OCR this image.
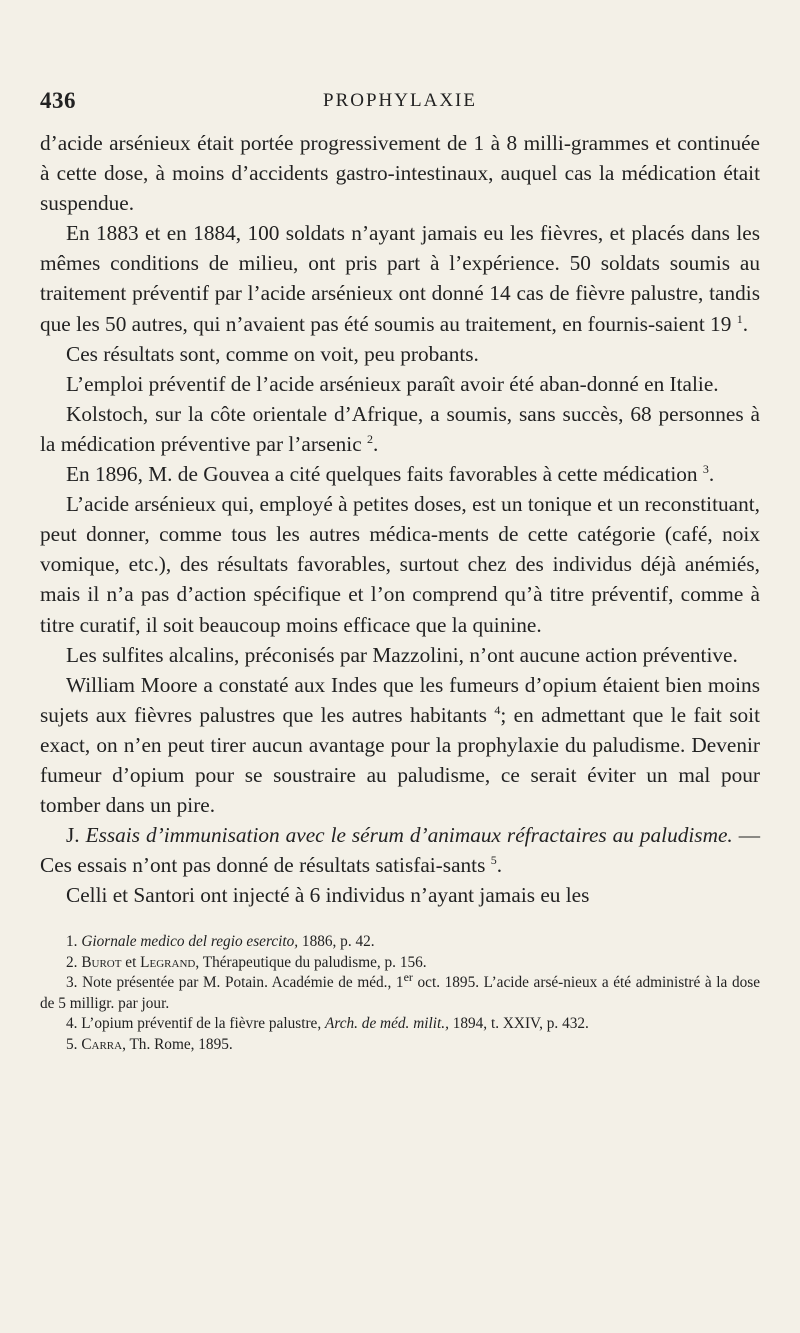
436	PROPHYLAXIE

d’acide arsénieux était portée progressivement de 1 à 8 milli-grammes et continuée à cette dose, à moins d’accidents gastro-intestinaux, auquel cas la médication était suspendue.

En 1883 et en 1884, 100 soldats n’ayant jamais eu les fièvres, et placés dans les mêmes conditions de milieu, ont pris part à l’expérience. 50 soldats soumis au traitement préventif par l’acide arsénieux ont donné 14 cas de fièvre palustre, tandis que les 50 autres, qui n’avaient pas été soumis au traitement, en fournis-saient 19 $^1$.

Ces résultats sont, comme on voit, peu probants.

L’emploi préventif de l’acide arsénieux paraît avoir été aban-donné en Italie.

Kolstoch, sur la côte orientale d’Afrique, a soumis, sans succès, 68 personnes à la médication préventive par l’arsenic $^2$.

En 1896, M. de Gouvea a cité quelques faits favorables à cette médication $^3$.

L’acide arsénieux qui, employé à petites doses, est un tonique et un reconstituant, peut donner, comme tous les autres médica-ments de cette catégorie (café, noix vomique, etc.), des résultats favorables, surtout chez des individus déjà anémiés, mais il n’a pas d’action spécifique et l’on comprend qu’à titre préventif, comme à titre curatif, il soit beaucoup moins efficace que la quinine.

Les sulfites alcalins, préconisés par Mazzolini, n’ont aucune action préventive.

William Moore a constaté aux Indes que les fumeurs d’opium étaient bien moins sujets aux fièvres palustres que les autres habitants $^4$; en admettant que le fait soit exact, on n’en peut tirer aucun avantage pour la prophylaxie du paludisme. Devenir fumeur d’opium pour se soustraire au paludisme, ce serait éviter un mal pour tomber dans un pire.

J. Essais d’immunisation avec le sérum d’animaux réfractaires au paludisme. — Ces essais n’ont pas donné de résultats satisfai-sants $^5$.

Celli et Santori ont injecté à 6 individus n’ayant jamais eu les

1. Giornale medico del regio esercito, 1886, p. 42.

2. Burot et Legrand, Thérapeutique du paludisme, p. 156.

3. Note présentée par M. Potain. Académie de méd., 1er oct. 1895. L’acide arsé-nieux a été administré à la dose de 5 milligr. par jour.

4. L’opium préventif de la fièvre palustre, Arch. de méd. milit., 1894, t. XXIV, p. 432.

5. Carra, Th. Rome, 1895.
